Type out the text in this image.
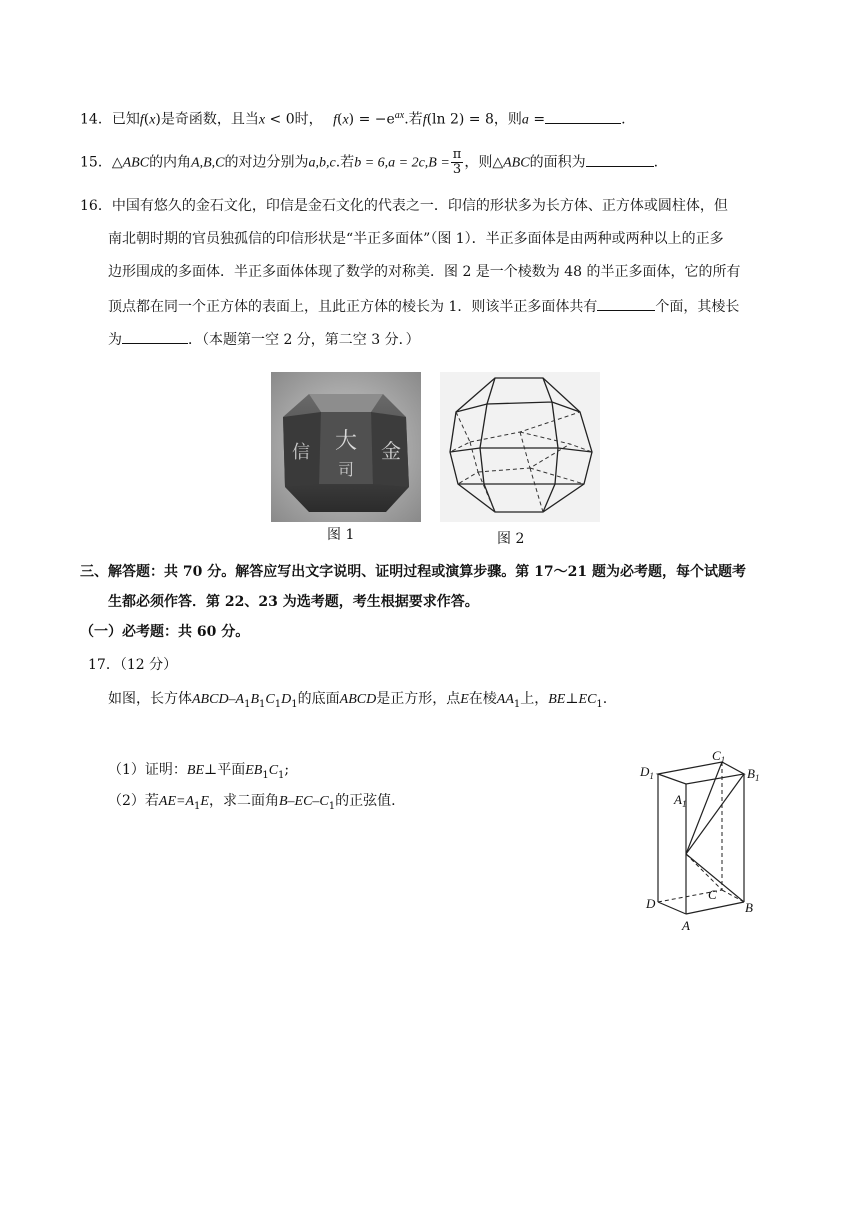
14．已知f(x)是奇函数，且当x < 0时， $f(x) = -e^{ax}$.若f(ln 2) = 8，则a =	.
15．△ABC的内角A,B,C的对边分别为a,b,c.若$b = 6,a = 2c,B = \frac{\pi}{3}$ ，则△ABC的面积为	.
16．中国有悠久的金石文化，印信是金石文化的代表之一．印信的形状多为长方体、正方体或圆柱体，但
南北朝时期的官员独孤信的印信形状是“半正多面体”（图 1）．半正多面体是由两种或两种以上的正多
边形围成的多面体．半正多面体体现了数学的对称美．图 2 是一个棱数为 48 的半正多面体，它的所有
顶点都在同一个正方体的表面上，且此正方体的棱长为 1．则该半正多面体共有	个面，其棱长
为	．（本题第一空 2 分，第二空 3 分．）
大
司
金
信
图 1	图 2
三、解答题：共 70 分。解答应写出文字说明、证明过程或演算步骤。第 17～21 题为必考题，每个试题考
生都必须作答．第 22、23 为选考题，考生根据要求作答。
（一）必考题：共 60 分。
17．（12 分）
如图，长方体ABCD–$A_1B_1C_1D_1$的底面ABCD是正方形，点E在棱$AA_1$上，$BE\perp EC_1$.
（1）证明：BE⊥平面$EB_1C_1$;
（2）若$AE=A_1E$，求二面角$B-EC-C_1$的正弦值.
$D_1$
$C_1$
$B_1$
$A_1$
D
C
B
A
